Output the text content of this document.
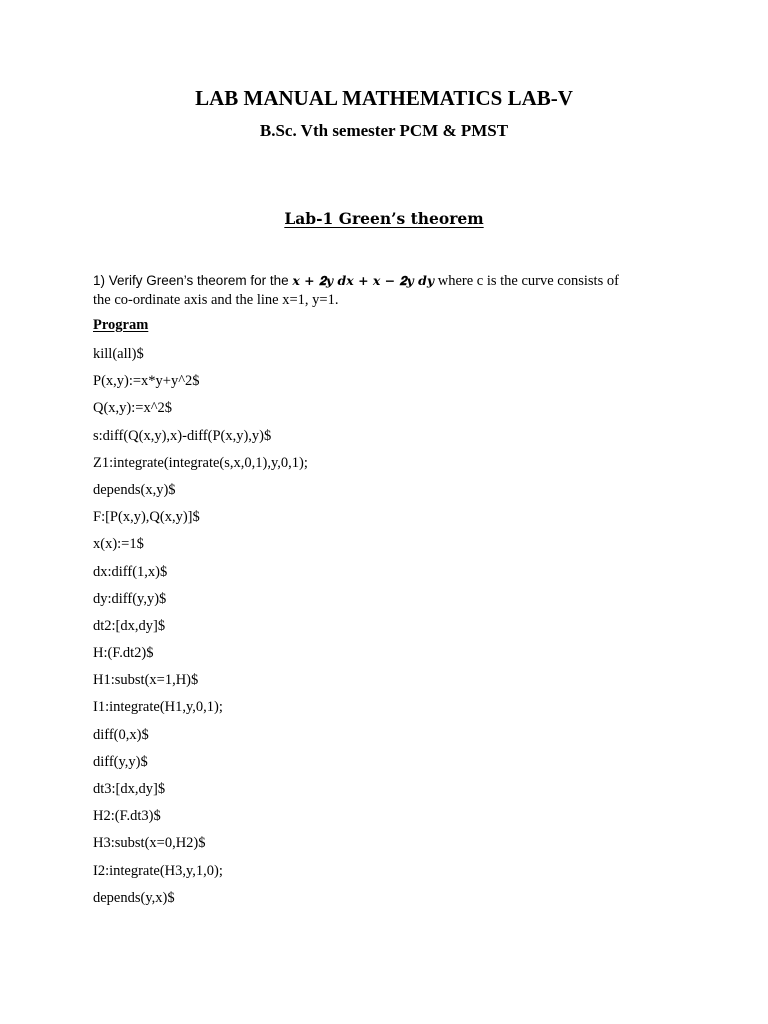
LAB MANUAL MATHEMATICS LAB-V
B.Sc. Vth semester PCM & PMST
Lab-1 Green’s theorem
1) Verify Green’s theorem for the 𝒙 + 𝟐𝒚 𝒅𝒙 + 𝒙 − 𝟐𝒚 𝒅𝒚 where c is the curve consists of
the co-ordinate axis and the line x=1, y=1.
Program
kill(all)$
P(x,y):=x*y+y^2$
Q(x,y):=x^2$
s:diff(Q(x,y),x)-diff(P(x,y),y)$
Z1:integrate(integrate(s,x,0,1),y,0,1);
depends(x,y)$
F:[P(x,y),Q(x,y)]$
x(x):=1$
dx:diff(1,x)$
dy:diff(y,y)$
dt2:[dx,dy]$
H:(F.dt2)$
H1:subst(x=1,H)$
I1:integrate(H1,y,0,1);
diff(0,x)$
diff(y,y)$
dt3:[dx,dy]$
H2:(F.dt3)$
H3:subst(x=0,H2)$
I2:integrate(H3,y,1,0);
depends(y,x)$
